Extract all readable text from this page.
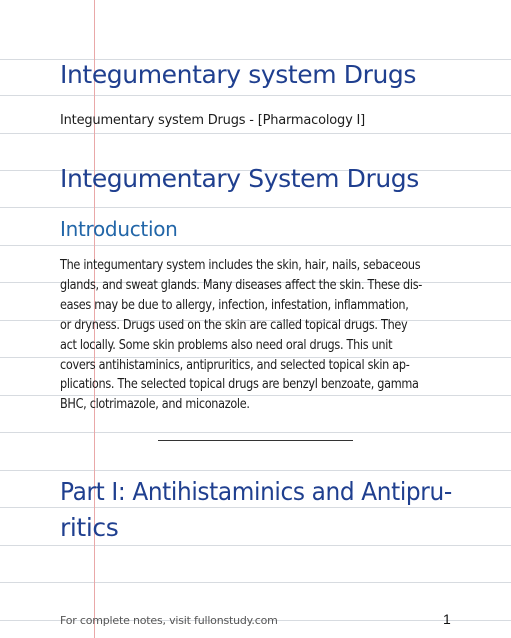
Integumentary system Drugs

Integumentary system Drugs - [Pharmacology I]

Integumentary System Drugs
Introduction
The integumentary system includes the skin, hair, nails, sebaceous
glands, and sweat glands. Many diseases affect the skin. These dis-
eases may be due to allergy, infection, infestation, inflammation,
or dryness. Drugs used on the skin are called topical drugs. They
act locally. Some skin problems also need oral drugs. This unit
covers antihistaminics, antipruritics, and selected topical skin ap-
plications. The selected topical drugs are benzyl benzoate, gamma
BHC, clotrimazole, and miconazole.
Part I: Antihistaminics and Antipru-
ritics
For complete notes, visit fullonstudy.com	1
